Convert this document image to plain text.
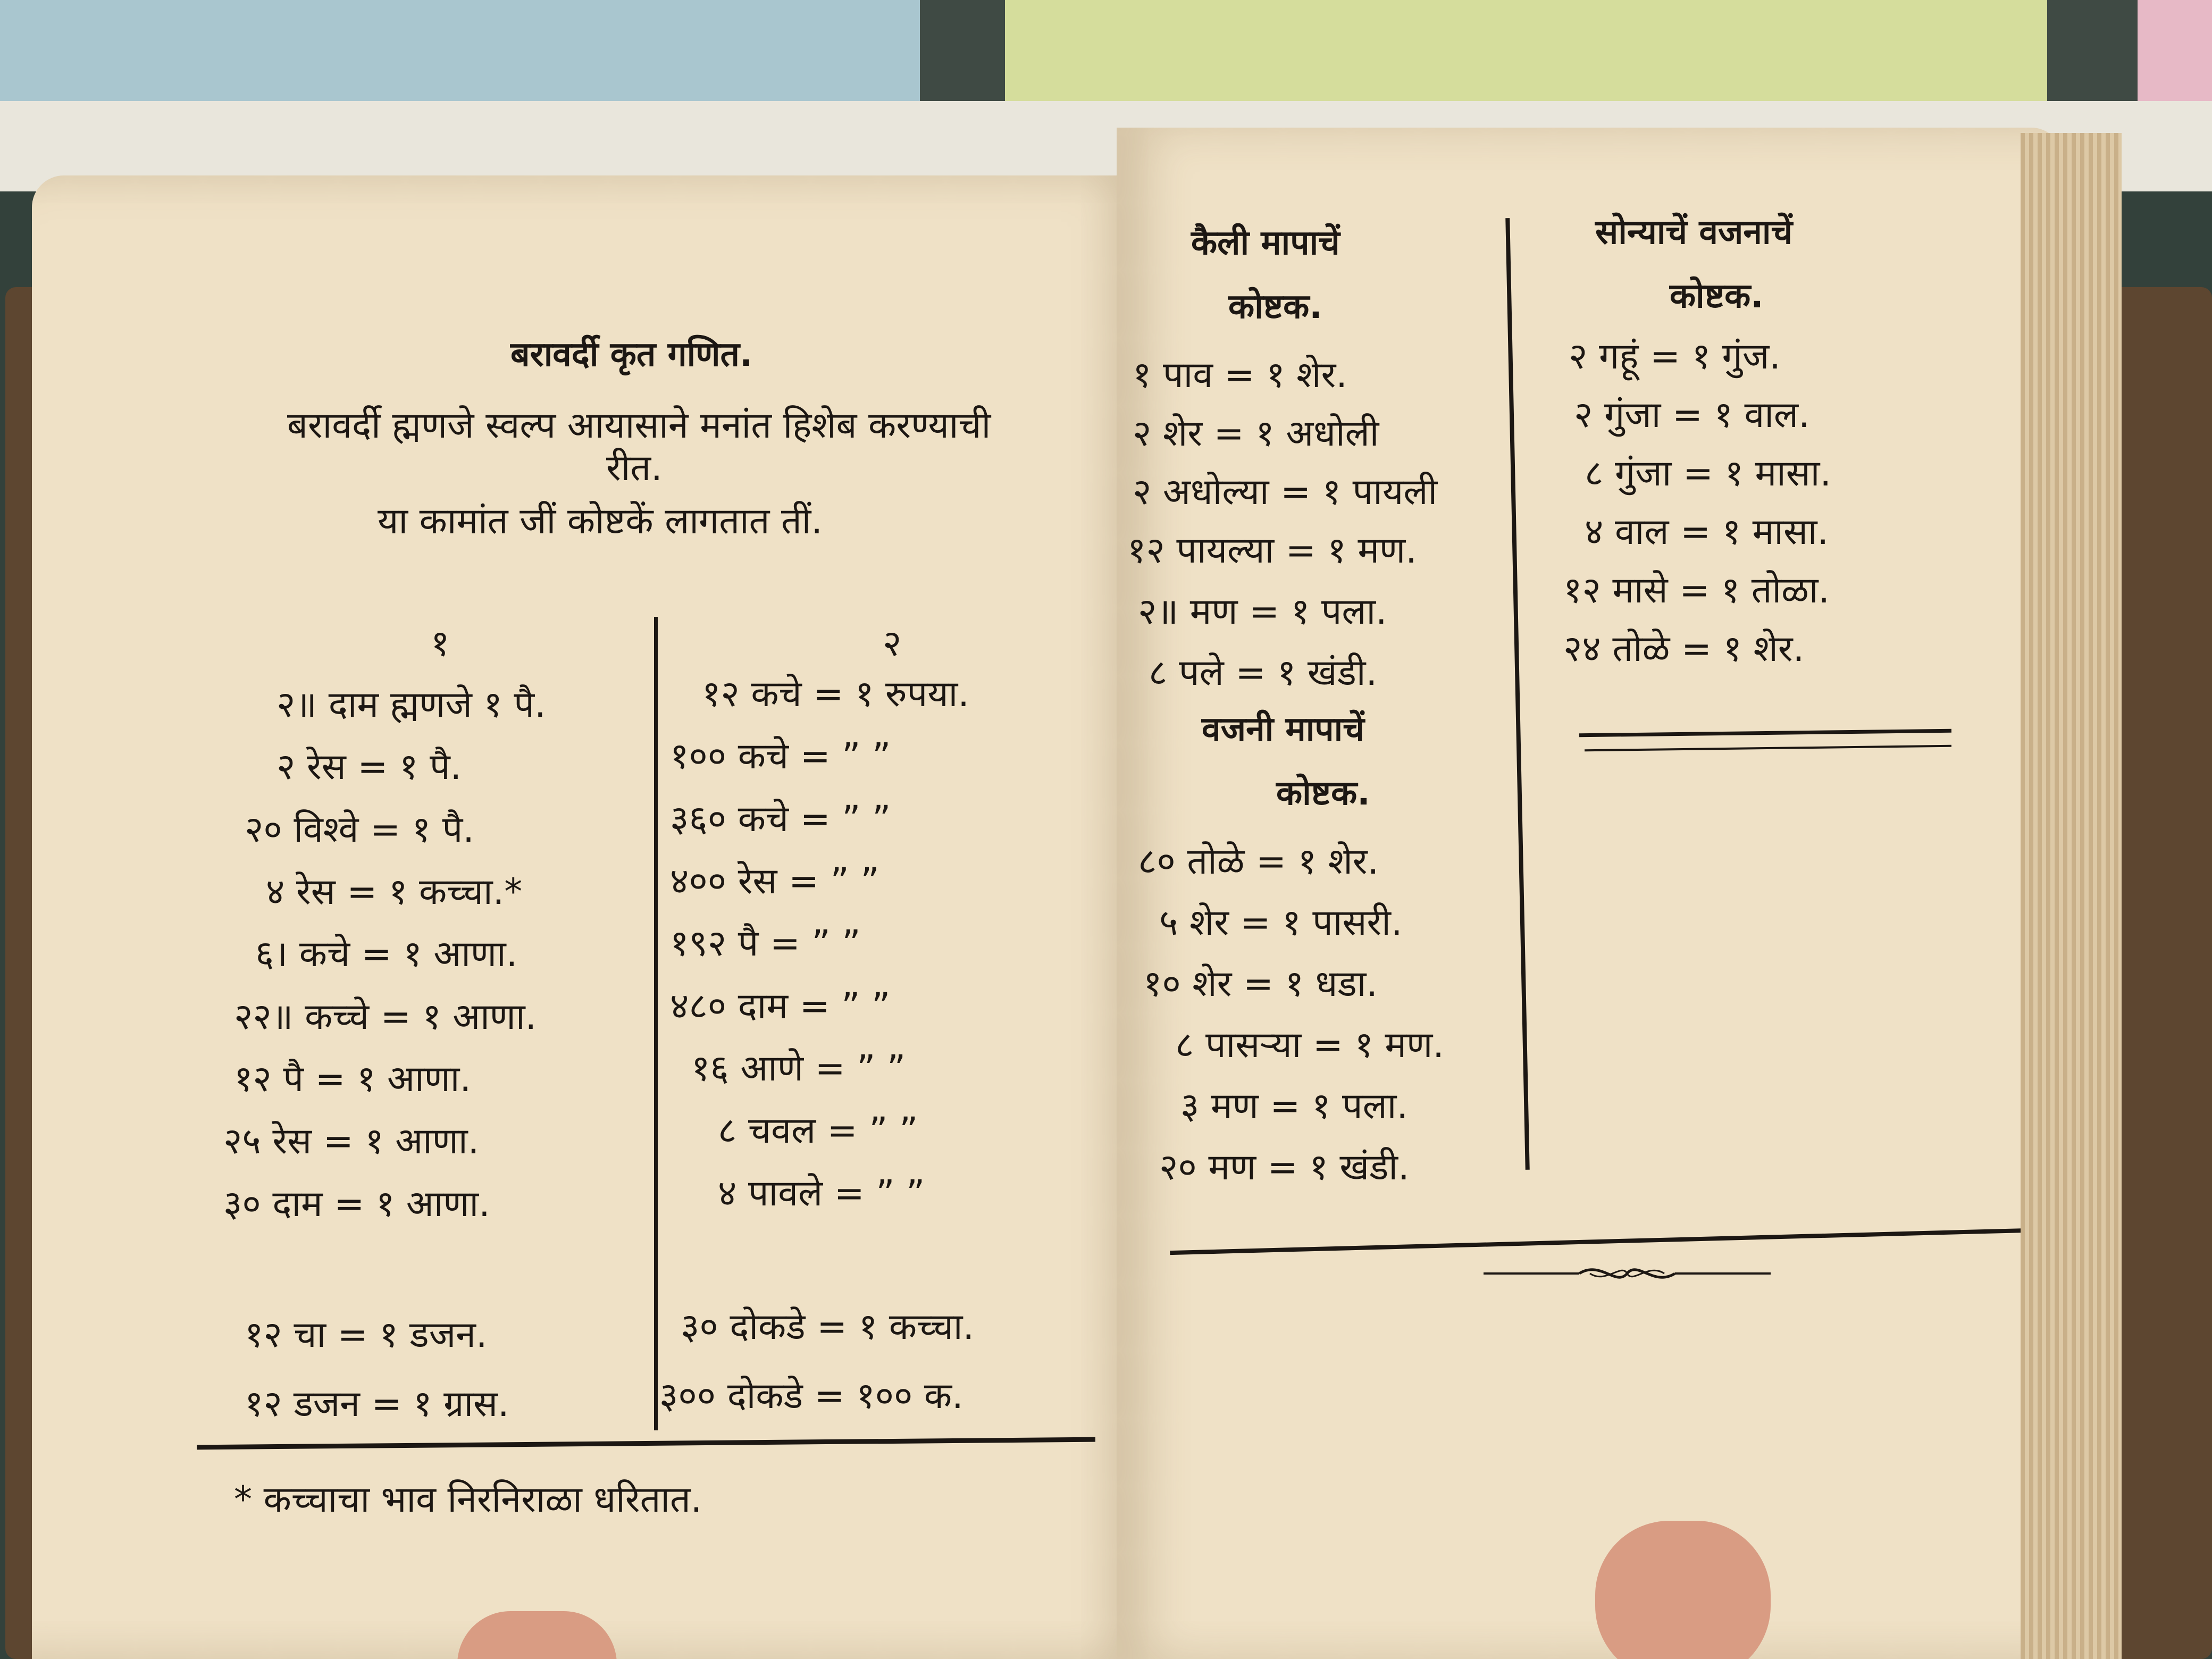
बरावर्दी कृत गणित.
बरावर्दी ह्मणजे स्वल्प आयासाने मनांत हिशेब करण्याची
रीत.
या कामांत जीं कोष्टकें लागतात तीं.
१	२
२॥ दाम ह्मणजे १ पै.
२ रेस = १ पै.
२० विश्वे = १ पै.
४ रेस = १ कच्चा.*
६। कचे = १ आणा.
२२॥ कच्चे = १ आणा.
१२ पै = १ आणा.
२५ रेस = १ आणा.
३० दाम = १ आणा.
१२ कचे = १ रुपया.
१०० कचे = ” ”
३६० कचे = ” ”
४०० रेस = ” ”
१९२ पै = ” ”
४८० दाम = ” ”
१६ आणे = ” ”
८ चवल = ” ”
४ पावले = ” ”
१२ चा = १ डजन.
१२ डजन = १ ग्रास.
३० दोकडे = १ कच्चा.
३०० दोकडे = १०० क.
* कच्चाचा भाव निरनिराळा धरितात.
कैली मापाचें
कोष्टक.
१ पाव = १ शेर.
२ शेर = १ अधोली
२ अधोल्या = १ पायली
१२ पायल्या = १ मण.
२॥ मण = १ पला.
८ पले = १ खंडी.
वजनी मापाचें
कोष्टक.
८० तोळे = १ शेर.
५ शेर = १ पासरी.
१० शेर = १ धडा.
८ पासऱ्या = १ मण.
३ मण = १ पला.
२० मण = १ खंडी.
सोन्याचें वजनाचें
कोष्टक.
२ गहूं = १ गुंज.
२ गुंजा = १ वाल.
८ गुंजा = १ मासा.
४ वाल = १ मासा.
१२ मासे = १ तोळा.
२४ तोळे = १ शेर.
